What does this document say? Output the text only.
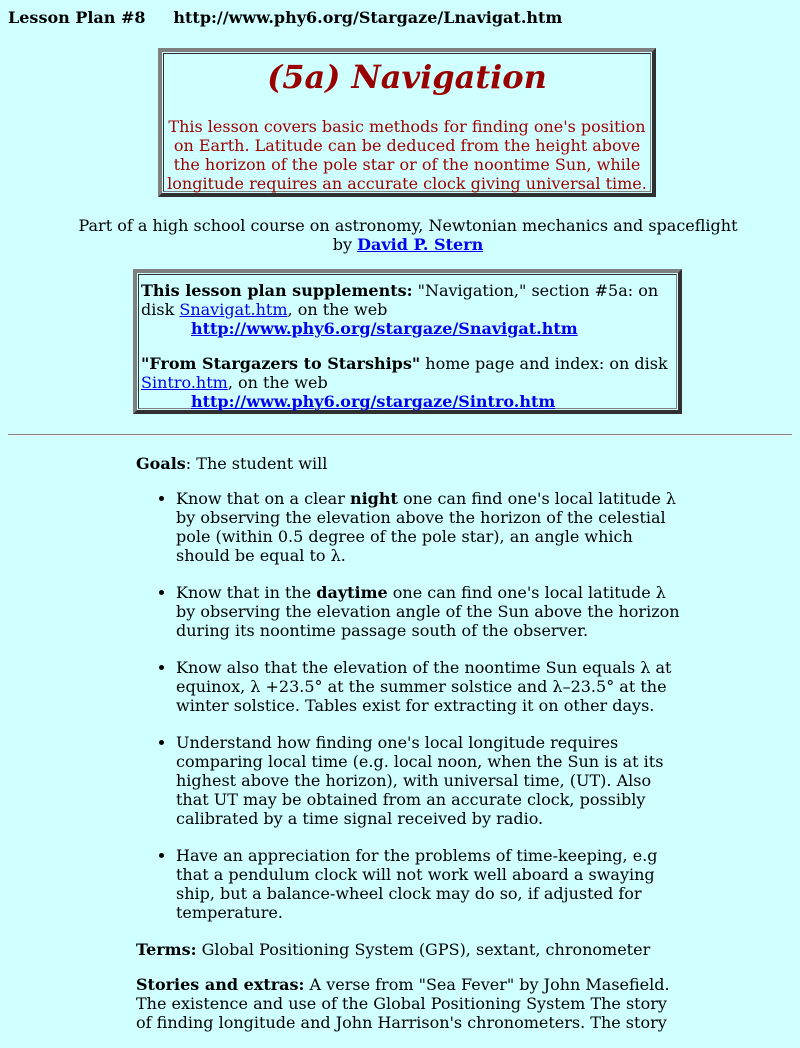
Lesson Plan #8 http://www.phy6.org/Stargaze/Lnavigat.htm
(5a) Navigation
This lesson covers basic methods for finding one's position on Earth. Latitude can be deduced from the height above the horizon of the pole star or of the noontime Sun, while longitude requires an accurate clock giving universal time.
Part of a high school course on astronomy, Newtonian mechanics and spaceflight
by David P. Stern
This lesson plan supplements: "Navigation," section #5a: on disk Snavigat.htm, on the web
http://www.phy6.org/stargaze/Snavigat.htm
"From Stargazers to Starships" home page and index: on disk Sintro.htm, on the web
http://www.phy6.org/stargaze/Sintro.htm
Goals: The student will
• Know that on a clear night one can find one's local latitude λ by observing the elevation above the horizon of the celestial pole (within 0.5 degree of the pole star), an angle which should be equal to λ.
• Know that in the daytime one can find one's local latitude λ by observing the elevation angle of the Sun above the horizon during its noontime passage south of the observer.
• Know also that the elevation of the noontime Sun equals λ at equinox, λ +23.5° at the summer solstice and λ–23.5° at the winter solstice. Tables exist for extracting it on other days.
• Understand how finding one's local longitude requires comparing local time (e.g. local noon, when the Sun is at its highest above the horizon), with universal time, (UT). Also that UT may be obtained from an accurate clock, possibly calibrated by a time signal received by radio.
• Have an appreciation for the problems of time-keeping, e.g that a pendulum clock will not work well aboard a swaying ship, but a balance-wheel clock may do so, if adjusted for temperature.

Terms: Global Positioning System (GPS), sextant, chronometer

Stories and extras: A verse from "Sea Fever" by John Masefield. The existence and use of the Global Positioning System The story of finding longitude and John Harrison's chronometers. The story
